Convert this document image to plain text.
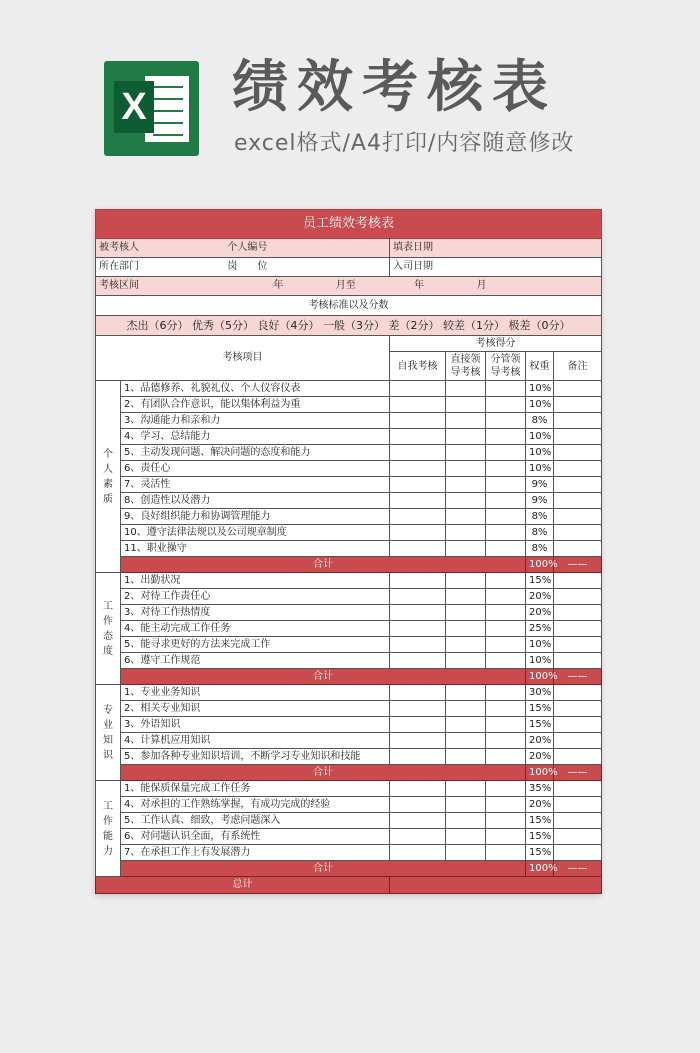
X 绩效考核表
excel格式/A4打印/内容随意修改
员工绩效考核表						
被考核人 个人编号		填表日期				
所在部门 岗　　位		入司日期				
考核区间 年 月至 年 月						
考核标准以及分数						
杰出（6分） 优秀（5分） 良好（4分） 一般（3分） 差（2分） 较差（1分） 极差（0分）						
考核项目		考核得分				
		自我考核	直接领导考核	分管领导考核	权重	备注

个人素质	1、品德修养、礼貌礼仪、个人仪容仪表				10%	
	2、有团队合作意识，能以集体利益为重				10%	
	3、沟通能力和亲和力				8%	
	4、学习、总结能力				10%	
	5、主动发现问题、解决问题的态度和能力				10%	
	6、责任心				10%	
	7、灵活性				9%	
	8、创造性以及潜力				9%	
	9、良好组织能力和协调管理能力				8%	
	10、遵守法律法规以及公司规章制度				8%	
	11、职业操守				8%	
	合计				100%	——

工作态度	1、出勤状况				15%	
	2、对待工作责任心				20%	
	3、对待工作热情度				20%	
	4、能主动完成工作任务				25%	
	5、能寻求更好的方法来完成工作				10%	
	6、遵守工作规范				10%	
	合计				100%	——

专业知识	1、专业业务知识				30%	
	2、相关专业知识				15%	
	3、外语知识				15%	
	4、计算机应用知识				20%	
	5、参加各种专业知识培训，不断学习专业知识和技能				20%	
	合计				100%	——

工作能力	1、能保质保量完成工作任务				35%	
	4、对承担的工作熟练掌握，有成功完成的经验				20%	
	5、工作认真、细致，考虑问题深入				15%	
	6、对问题认识全面，有系统性				15%	
	7、在承担工作上有发展潜力				15%	
	合计				100%	——
总计						
